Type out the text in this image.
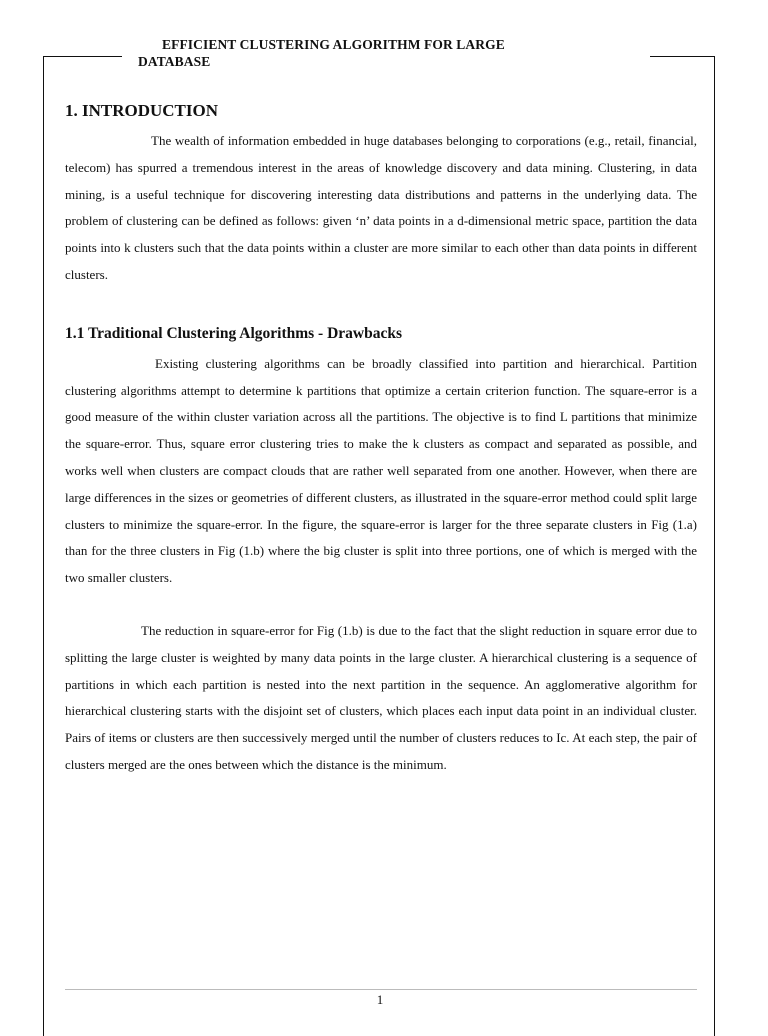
EFFICIENT CLUSTERING ALGORITHM FOR LARGE
DATABASE
1. INTRODUCTION

The wealth of information embedded in huge databases belonging to corporations (e.g., retail, financial, telecom) has spurred a tremendous interest in the areas of knowledge discovery and data mining. Clustering, in data mining, is a useful technique for discovering interesting data distributions and patterns in the underlying data. The problem of clustering can be defined as follows: given ‘n’ data points in a d-dimensional metric space, partition the data points into k clusters such that the data points within a cluster are more similar to each other than data points in different clusters.

1.1 Traditional Clustering Algorithms - Drawbacks

Existing clustering algorithms can be broadly classified into partition and hierarchical. Partition clustering algorithms attempt to determine k partitions that optimize a certain criterion function. The square-error is a good measure of the within cluster variation across all the partitions. The objective is to find L partitions that minimize the square-error. Thus, square error clustering tries to make the k clusters as compact and separated as possible, and works well when clusters are compact clouds that are rather well separated from one another. However, when there are large differences in the sizes or geometries of different clusters, as illustrated in the square-error method could split large clusters to minimize the square-error. In the figure, the square-error is larger for the three separate clusters in Fig (1.a) than for the three clusters in Fig (1.b) where the big cluster is split into three portions, one of which is merged with the two smaller clusters.

The reduction in square-error for Fig (1.b) is due to the fact that the slight reduction in square error due to splitting the large cluster is weighted by many data points in the large cluster. A hierarchical clustering is a sequence of partitions in which each partition is nested into the next partition in the sequence. An agglomerative algorithm for hierarchical clustering starts with the disjoint set of clusters, which places each input data point in an individual cluster. Pairs of items or clusters are then successively merged until the number of clusters reduces to Ic. At each step, the pair of clusters merged are the ones between which the distance is the minimum.

1
